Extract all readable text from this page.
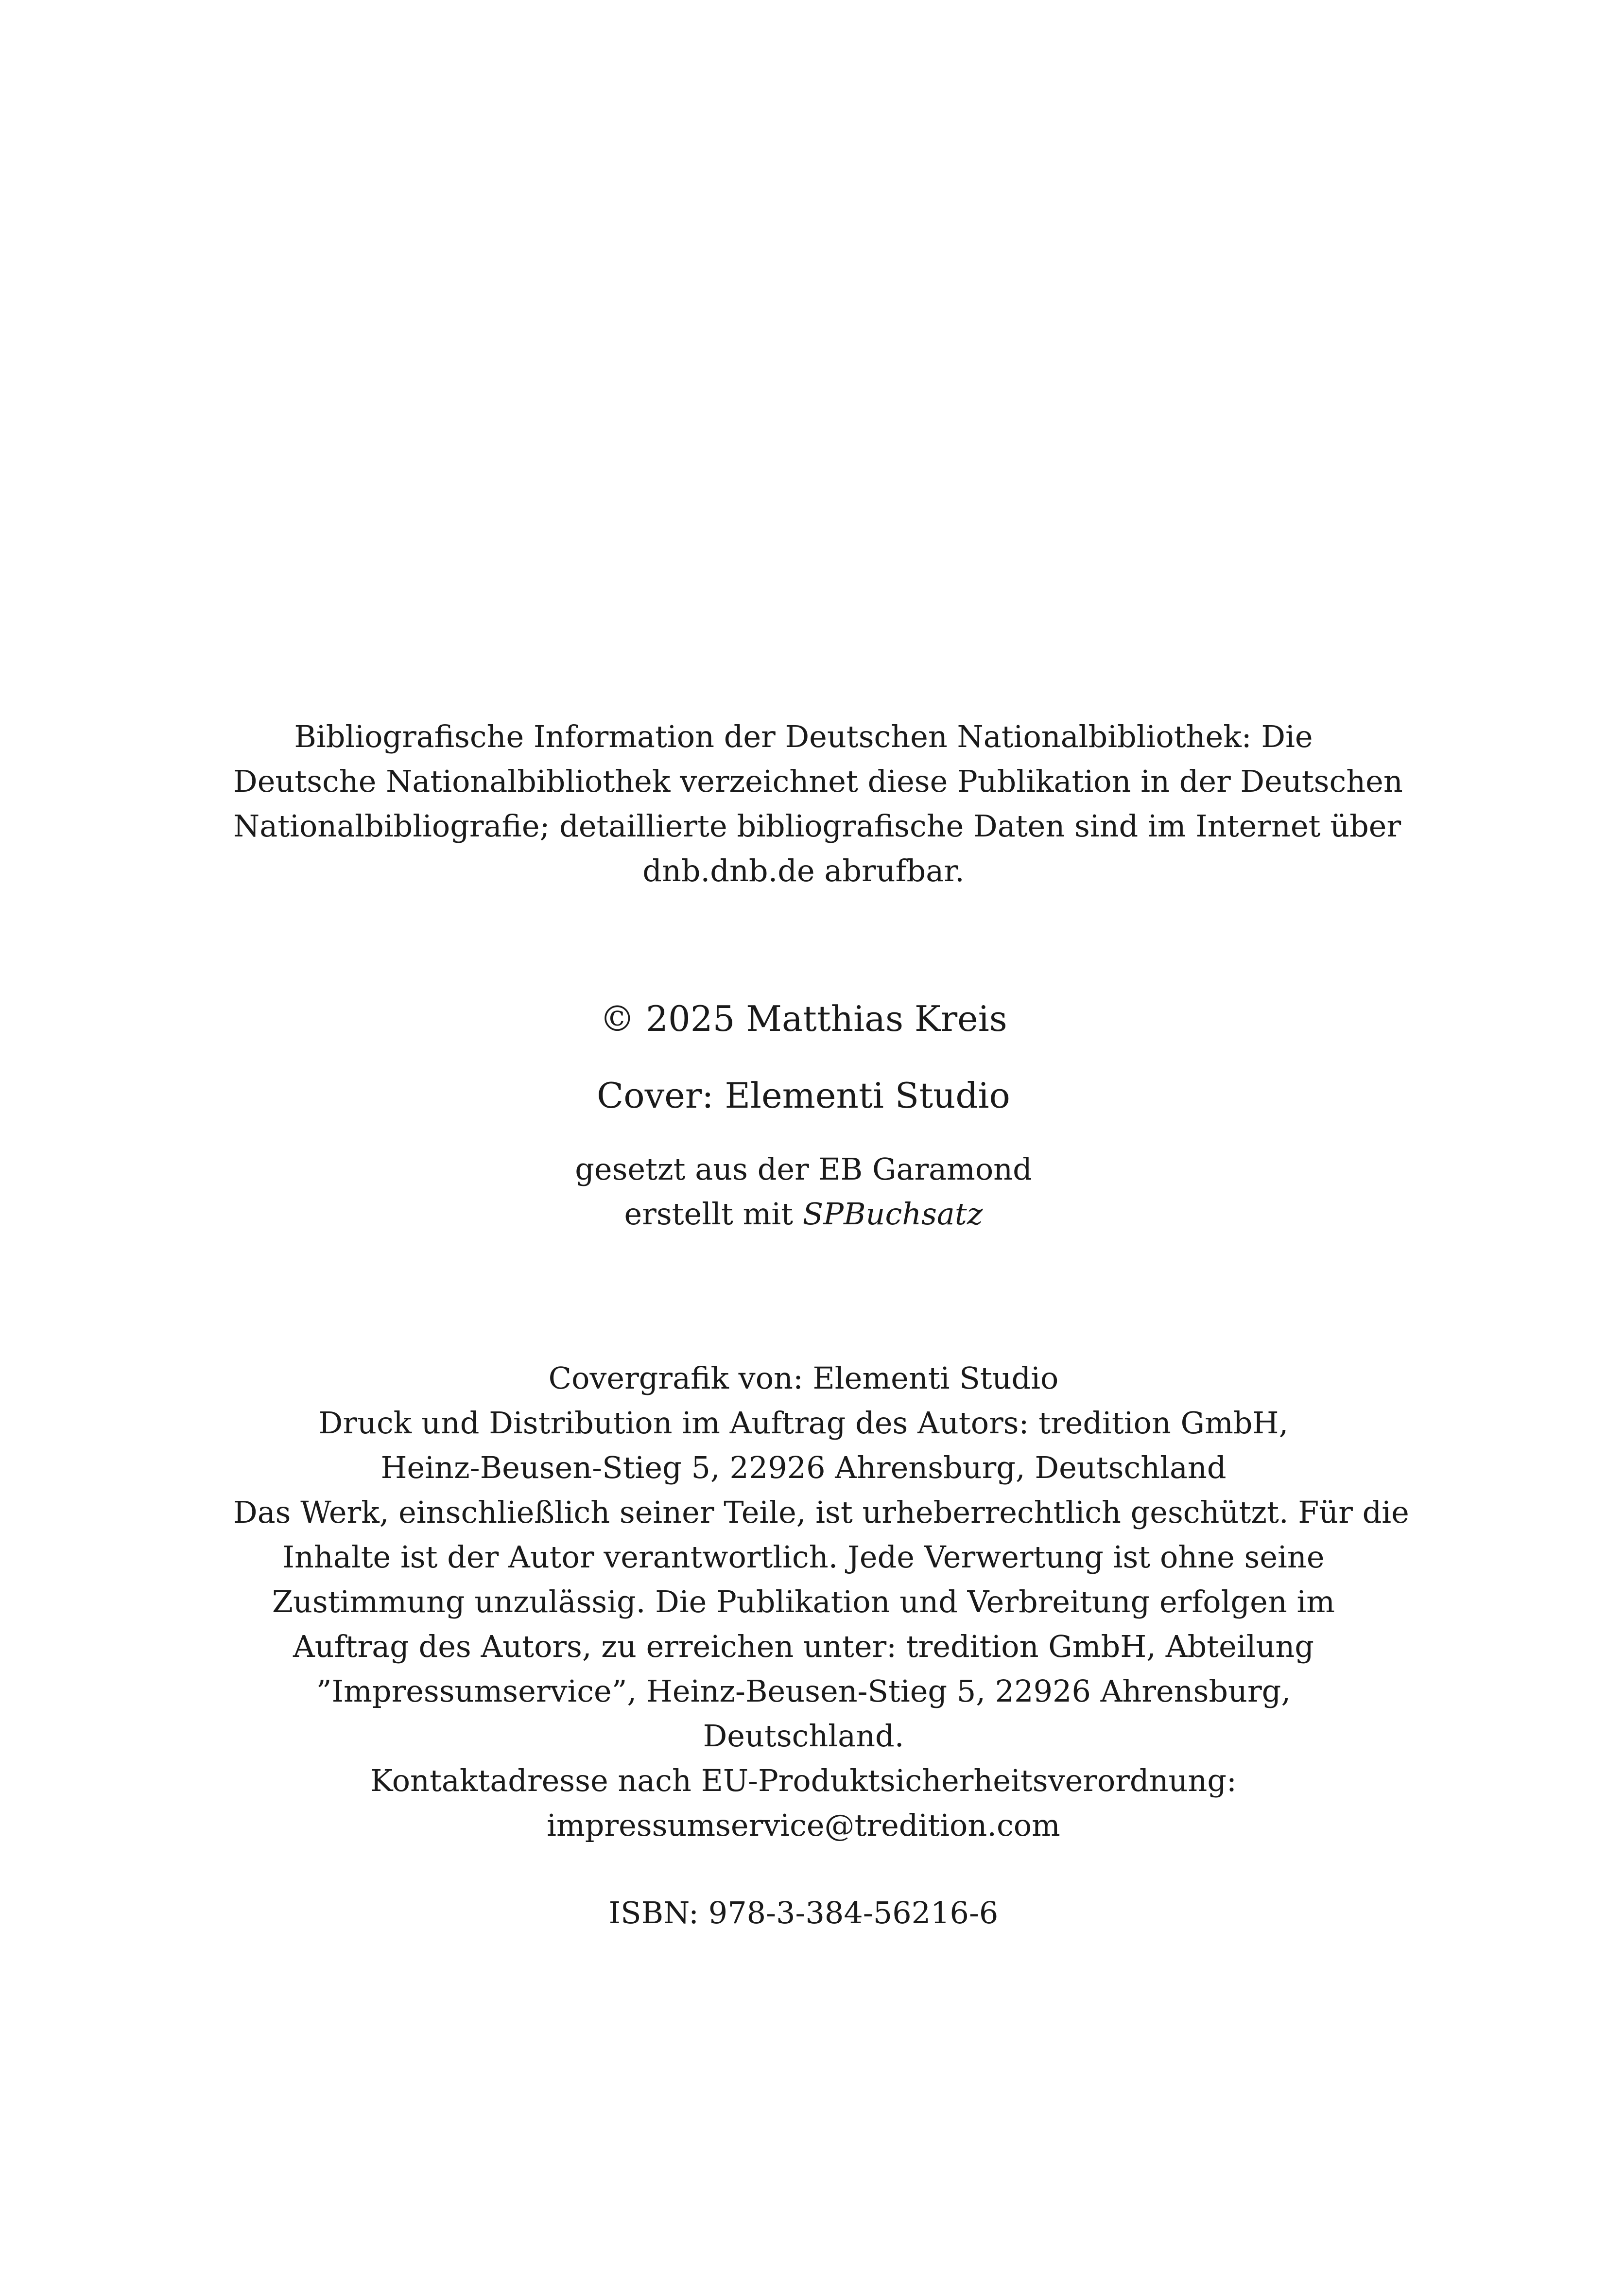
Bibliografische Information der Deutschen Nationalbibliothek: Die
Deutsche Nationalbibliothek verzeichnet diese Publikation in der Deutschen
Nationalbibliografie; detaillierte bibliografische Daten sind im Internet über
dnb.dnb.de abrufbar.
© 2025 Matthias Kreis
Cover: Elementi Studio
gesetzt aus der EB Garamond
erstellt mit SPBuchsatz
Covergrafik von: Elementi Studio
Druck und Distribution im Auftrag des Autors: tredition GmbH,
Heinz-Beusen-Stieg 5, 22926 Ahrensburg, Deutschland
Das Werk, einschließlich seiner Teile, ist urheberrechtlich geschützt. Für die
Inhalte ist der Autor verantwortlich. Jede Verwertung ist ohne seine
Zustimmung unzulässig. Die Publikation und Verbreitung erfolgen im
Auftrag des Autors, zu erreichen unter: tredition GmbH, Abteilung
”Impressumservice”, Heinz-Beusen-Stieg 5, 22926 Ahrensburg,
Deutschland.
Kontaktadresse nach EU-Produktsicherheitsverordnung:
impressumservice@tredition.com
ISBN: 978-3-384-56216-6
